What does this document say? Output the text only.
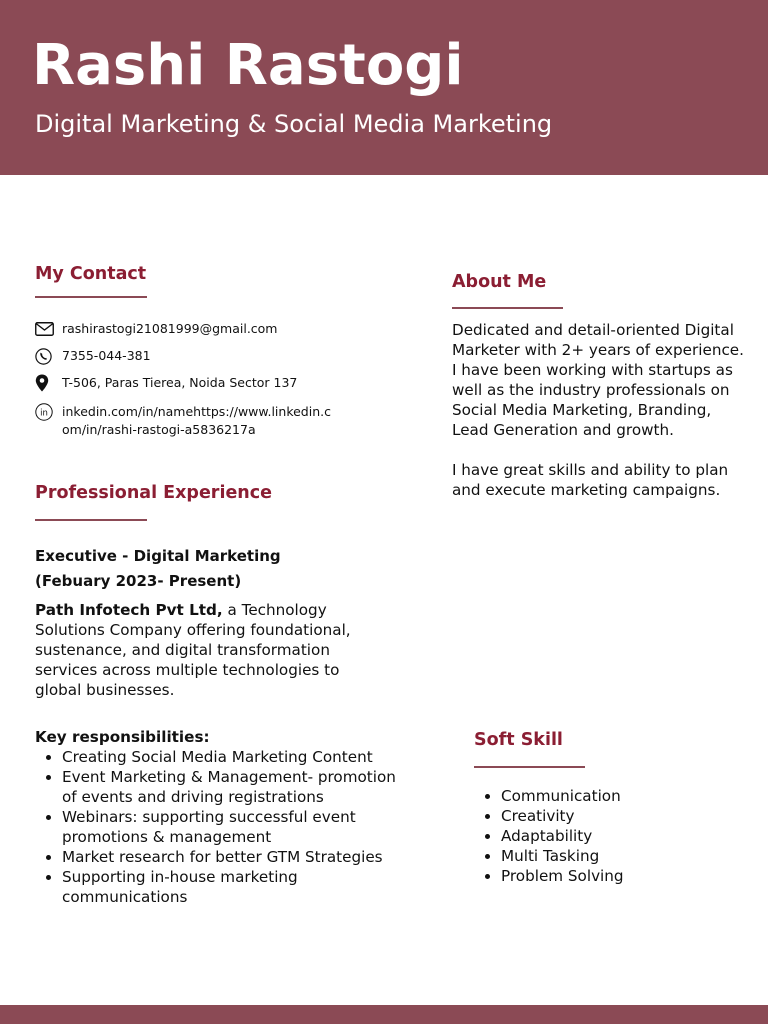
Rashi Rastogi
Digital Marketing & Social Media Marketing
My Contact
rashirastogi21081999@gmail.com
7355-044-381
T-506, Paras Tierea, Noida Sector 137
in inkedin.com/in/namehttps://www.linkedin.com/in/rashi-rastogi-a5836217a
About Me
Dedicated and detail-oriented Digital Marketer with 2+ years of experience. I have been working with startups as well as the industry professionals on Social Media Marketing, Branding, Lead Generation and growth.
I have great skills and ability to plan and execute marketing campaigns.
Professional Experience
Executive - Digital Marketing
(Febuary 2023- Present)
Path Infotech Pvt Ltd, a Technology Solutions Company offering foundational, sustenance, and digital transformation services across multiple technologies to global businesses.
Key responsibilities:
• Creating Social Media Marketing Content
• Event Marketing & Management- promotion of events and driving registrations
• Webinars: supporting successful event promotions & management
• Market research for better GTM Strategies
• Supporting in-house marketing communications
Soft Skill
• Communication
• Creativity
• Adaptability
• Multi Tasking
• Problem Solving
